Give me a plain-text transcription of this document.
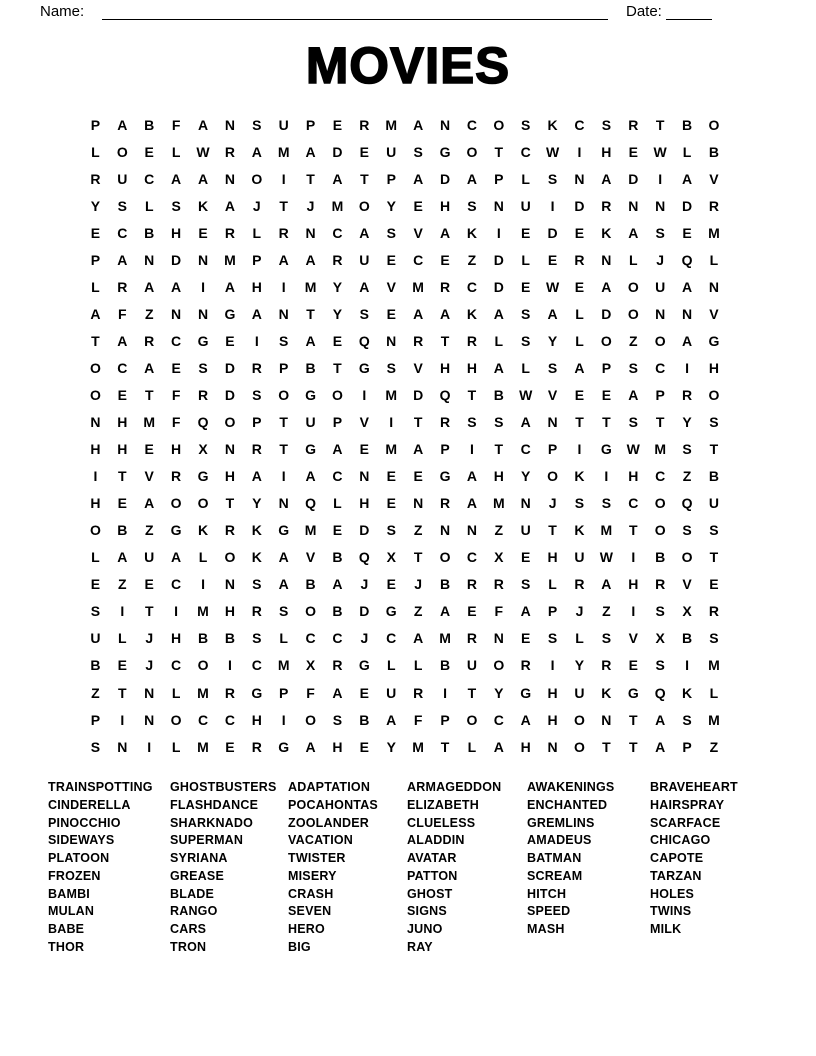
Name:	Date:
MOVIES
P	A	B	F	A	N	S	U	P	E	R	M	A	N	C	O	S	K	C	S	R	T	B	O
L	O	E	L	W	R	A	M	A	D	E	U	S	G	O	T	C	W	I	H	E	W	L	B
R	U	C	A	A	N	O	I	T	A	T	P	A	D	A	P	L	S	N	A	D	I	A	V
Y	S	L	S	K	A	J	T	J	M	O	Y	E	H	S	N	U	I	D	R	N	N	D	R
E	C	B	H	E	R	L	R	N	C	A	S	V	A	K	I	E	D	E	K	A	S	E	M
P	A	N	D	N	M	P	A	A	R	U	E	C	E	Z	D	L	E	R	N	L	J	Q	L
L	R	A	A	I	A	H	I	M	Y	A	V	M	R	C	D	E	W	E	A	O	U	A	N
A	F	Z	N	N	G	A	N	T	Y	S	E	A	A	K	A	S	A	L	D	O	N	N	V
T	A	R	C	G	E	I	S	A	E	Q	N	R	T	R	L	S	Y	L	O	Z	O	A	G
O	C	A	E	S	D	R	P	B	T	G	S	V	H	H	A	L	S	A	P	S	C	I	H
O	E	T	F	R	D	S	O	G	O	I	M	D	Q	T	B	W	V	E	E	A	P	R	O
N	H	M	F	Q	O	P	T	U	P	V	I	T	R	S	S	A	N	T	T	S	T	Y	S
H	H	E	H	X	N	R	T	G	A	E	M	A	P	I	T	C	P	I	G	W	M	S	T
I	T	V	R	G	H	A	I	A	C	N	E	E	G	A	H	Y	O	K	I	H	C	Z	B
H	E	A	O	O	T	Y	N	Q	L	H	E	N	R	A	M	N	J	S	S	C	O	Q	U
O	B	Z	G	K	R	K	G	M	E	D	S	Z	N	N	Z	U	T	K	M	T	O	S	S
L	A	U	A	L	O	K	A	V	B	Q	X	T	O	C	X	E	H	U	W	I	B	O	T
E	Z	E	C	I	N	S	A	B	A	J	E	J	B	R	R	S	L	R	A	H	R	V	E
S	I	T	I	M	H	R	S	O	B	D	G	Z	A	E	F	A	P	J	Z	I	S	X	R
U	L	J	H	B	B	S	L	C	C	J	C	A	M	R	N	E	S	L	S	V	X	B	S
B	E	J	C	O	I	C	M	X	R	G	L	L	B	U	O	R	I	Y	R	E	S	I	M
Z	T	N	L	M	R	G	P	F	A	E	U	R	I	T	Y	G	H	U	K	G	Q	K	L
P	I	N	O	C	C	H	I	O	S	B	A	F	P	O	C	A	H	O	N	T	A	S	M
S	N	I	L	M	E	R	G	A	H	E	Y	M	T	L	A	H	N	O	T	T	A	P	Z
TRAINSPOTTING
CINDERELLA
PINOCCHIO
SIDEWAYS
PLATOON
FROZEN
BAMBI
MULAN
BABE
THOR
GHOSTBUSTERS
FLASHDANCE
SHARKNADO
SUPERMAN
SYRIANA
GREASE
BLADE
RANGO
CARS
TRON
ADAPTATION
POCAHONTAS
ZOOLANDER
VACATION
TWISTER
MISERY
CRASH
SEVEN
HERO
BIG
ARMAGEDDON
ELIZABETH
CLUELESS
ALADDIN
AVATAR
PATTON
GHOST
SIGNS
JUNO
RAY
AWAKENINGS
ENCHANTED
GREMLINS
AMADEUS
BATMAN
SCREAM
HITCH
SPEED
MASH
BRAVEHEART
HAIRSPRAY
SCARFACE
CHICAGO
CAPOTE
TARZAN
HOLES
TWINS
MILK
